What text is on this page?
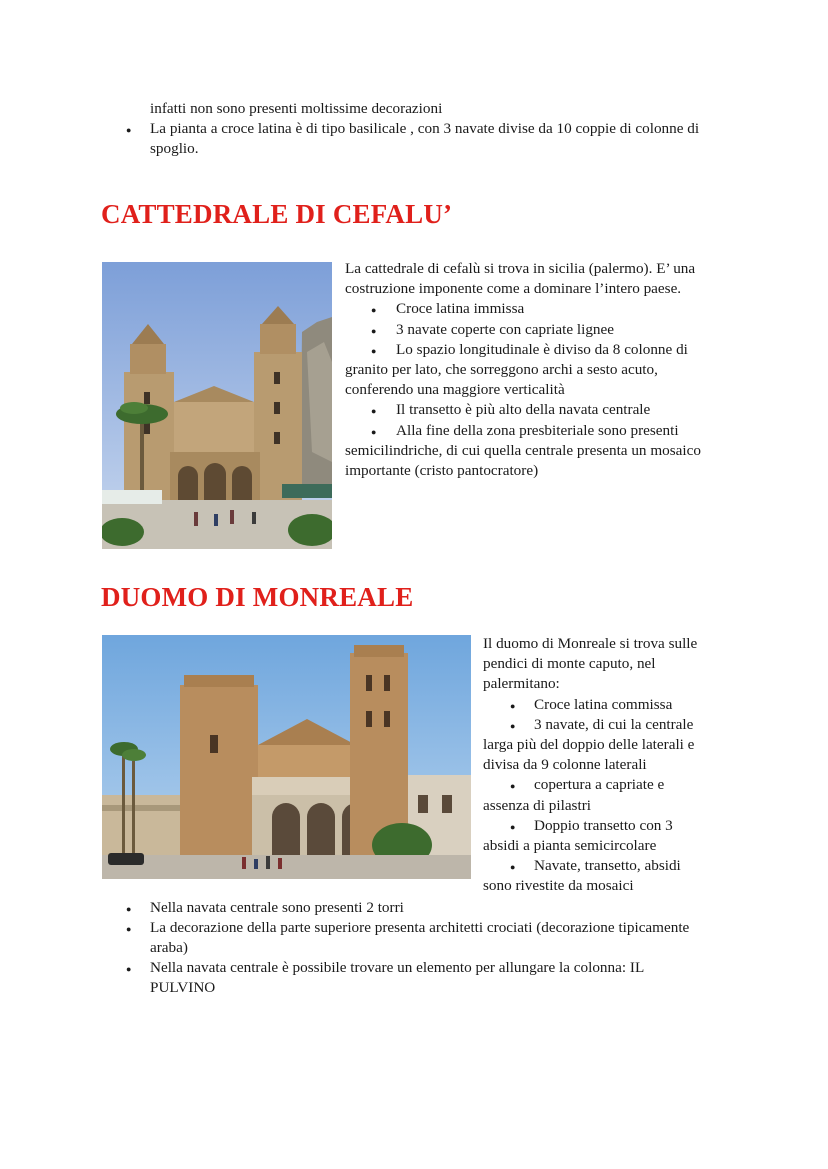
infatti non sono presenti moltissime decorazioni

● La pianta a croce latina è di tipo basilicale , con 3 navate divise da 10 coppie di colonne di spoglio.
CATTEDRALE DI CEFALU’

La cattedrale di cefalù si trova in sicilia (palermo). E’ una costruzione imponente come a dominare l’intero paese.

● Croce latina immissa
● 3 navate coperte con capriate lignee
● Lo spazio longitudinale è diviso da 8 colonne di
granito per lato, che sorreggono archi a sesto acuto, conferendo una maggiore verticalità
● Il transetto è più alto della navata centrale
● Alla fine della zona presbiteriale sono presenti
semicilindriche, di cui quella centrale presenta un mosaico importante (cristo pantocratore)
DUOMO DI MONREALE

Il duomo di Monreale si trova sulle pendici di monte caputo, nel palermitano:

● Croce latina commissa
● 3 navate, di cui la centrale
larga più del doppio delle laterali e divisa da 9 colonne laterali
● copertura a capriate e
assenza di pilastri
● Doppio transetto con 3
absidi a pianta semicircolare
● Navate, transetto, absidi
sono rivestite da mosaici
● Nella navata centrale sono presenti 2 torri
● La decorazione della parte superiore presenta architetti crociati (decorazione tipicamente araba)
● Nella navata centrale è possibile trovare un elemento per allungare la colonna: IL PULVINO
